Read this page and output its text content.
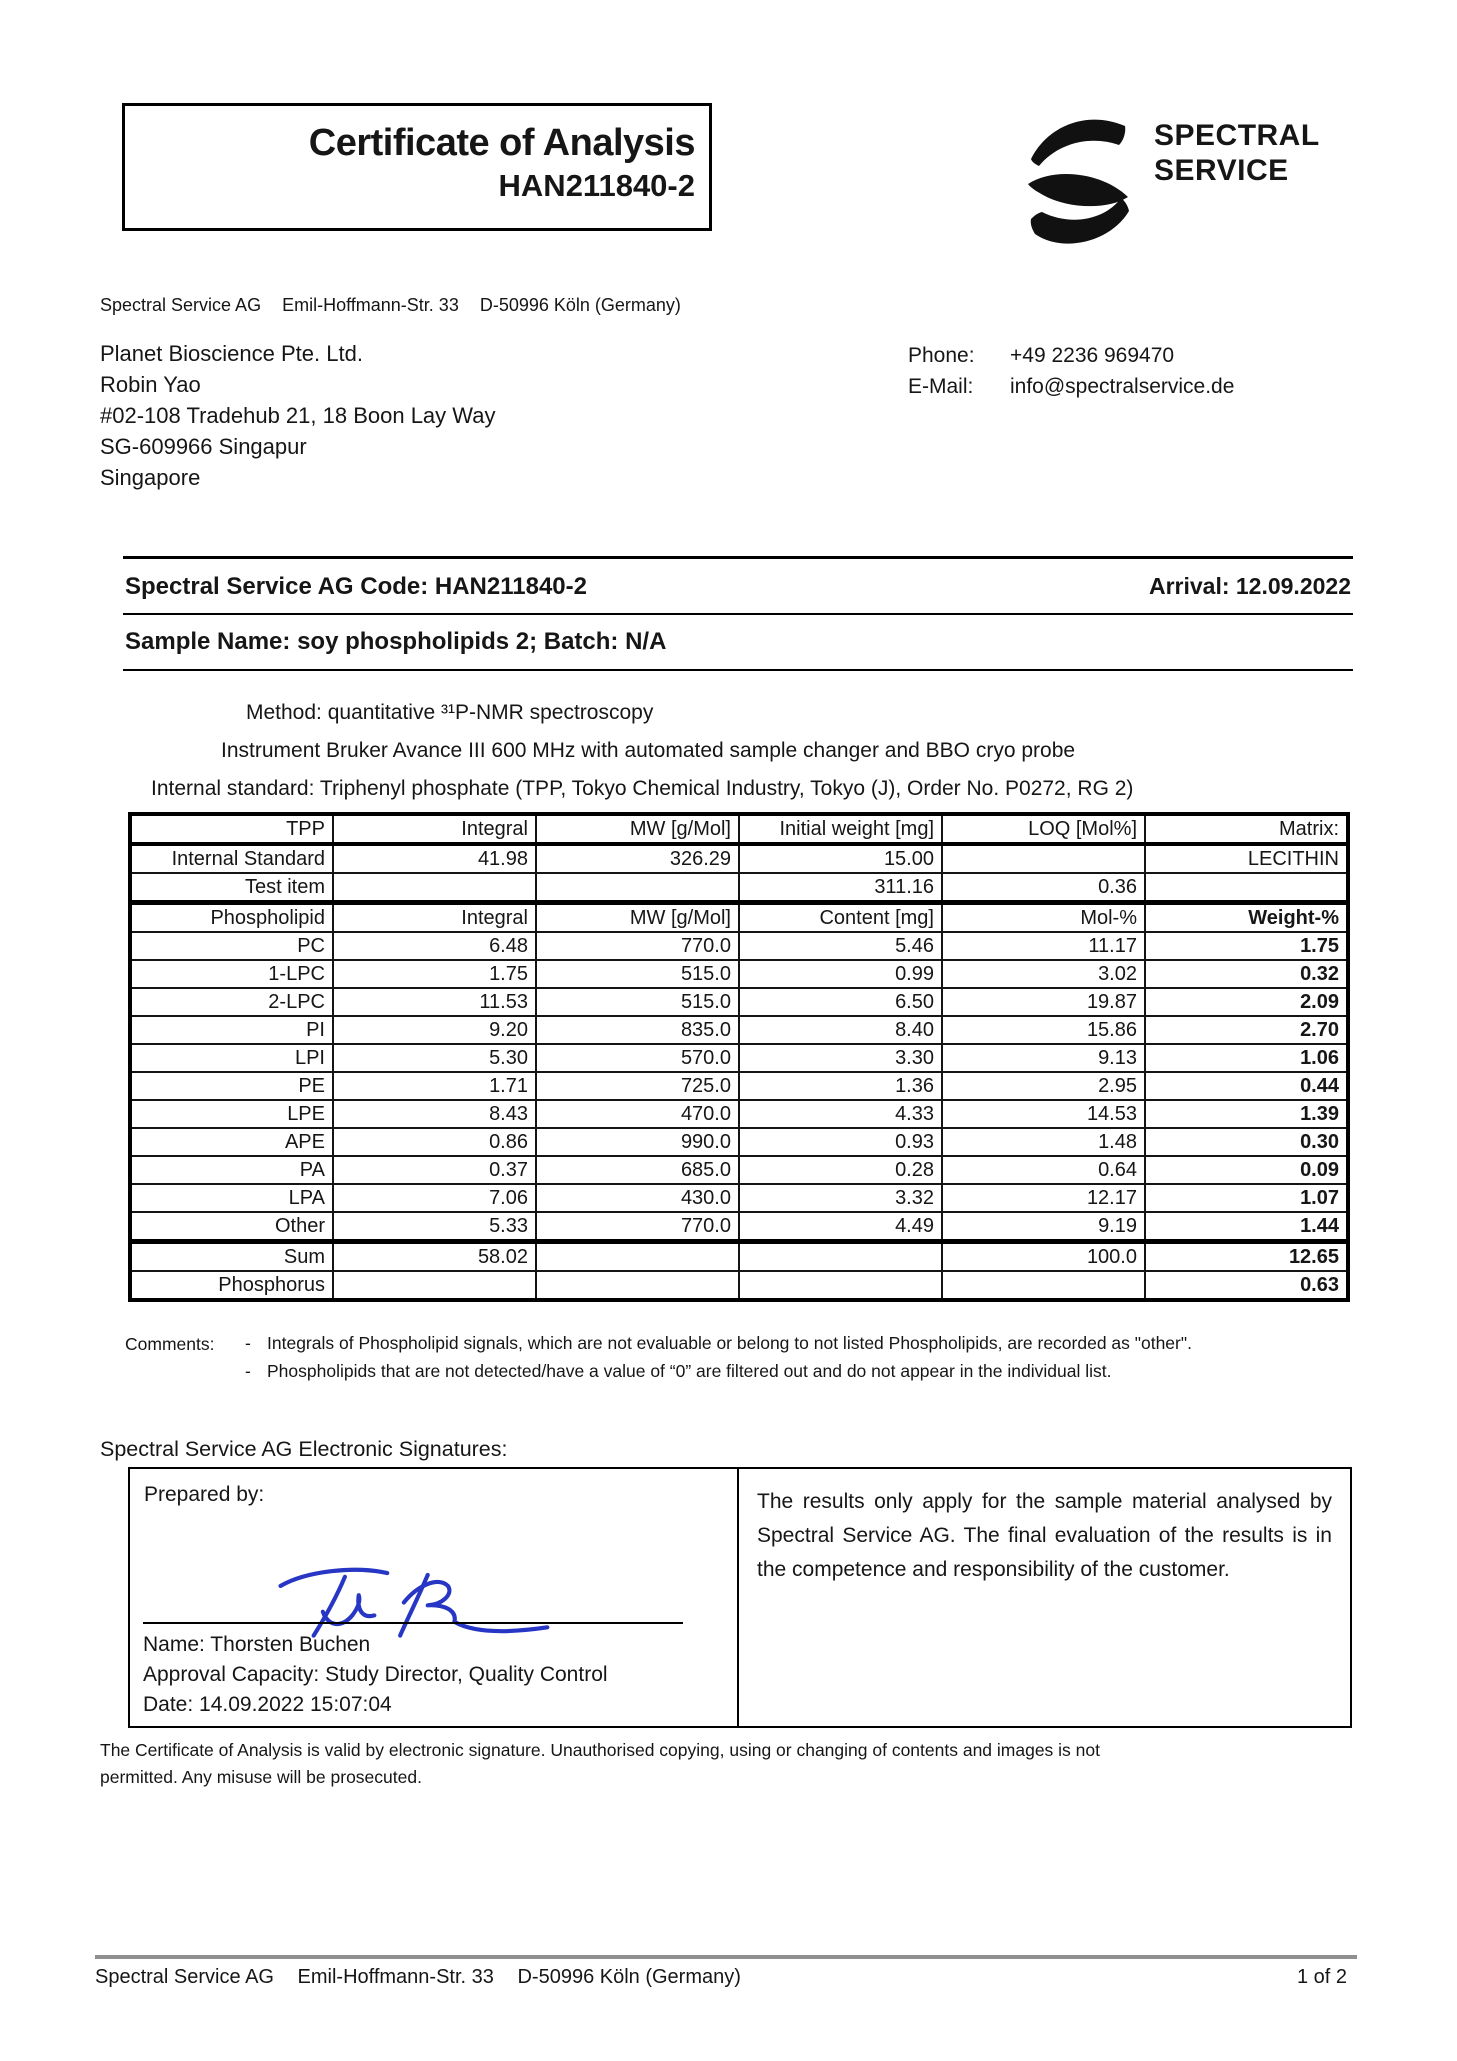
Certificate of Analysis
HAN211840-2
SPECTRAL
SERVICE
Spectral Service AG Emil-Hoffmann-Str. 33 D-50996 Köln (Germany)
Planet Bioscience Pte. Ltd.
Robin Yao
#02-108 Tradehub 21, 18 Boon Lay Way
SG-609966 Singapur
Singapore
Phone:	+49 2236 969470
E-Mail:	info@spectralservice.de
Spectral Service AG Code: HAN211840-2	Arrival: 12.09.2022
Sample Name: soy phospholipids 2; Batch: N/A
Method: quantitative ³¹P-NMR spectroscopy
Instrument Bruker Avance III 600 MHz with automated sample changer and BBO cryo probe
Internal standard: Triphenyl phosphate (TPP, Tokyo Chemical Industry, Tokyo (J), Order No. P0272, RG 2)
TPP	Integral	MW [g/Mol]	Initial weight [mg]	LOQ [Mol%]	Matrix:
Internal Standard	41.98	326.29	15.00		LECITHIN
Test item			311.16	0.36	
Phospholipid	Integral	MW [g/Mol]	Content [mg]	Mol-%	Weight-%
PC	6.48	770.0	5.46	11.17	1.75
1-LPC	1.75	515.0	0.99	3.02	0.32
2-LPC	11.53	515.0	6.50	19.87	2.09
PI	9.20	835.0	8.40	15.86	2.70
LPI	5.30	570.0	3.30	9.13	1.06
PE	1.71	725.0	1.36	2.95	0.44
LPE	8.43	470.0	4.33	14.53	1.39
APE	0.86	990.0	0.93	1.48	0.30
PA	0.37	685.0	0.28	0.64	0.09
LPA	7.06	430.0	3.32	12.17	1.07
Other	5.33	770.0	4.49	9.19	1.44
Sum	58.02			100.0	12.65
Phosphorus					0.63
Comments:	- Integrals of Phospholipid signals, which are not evaluable or belong to not listed Phospholipids, are recorded as "other".
- Phospholipids that are not detected/have a value of “0” are filtered out and do not appear in the individual list.
Spectral Service AG Electronic Signatures:
Prepared by:
Name: Thorsten Buchen
Approval Capacity: Study Director, Quality Control
Date: 14.09.2022 15:07:04
The results only apply for the sample material analysed by Spectral Service AG. The final evaluation of the results is in the competence and responsibility of the customer.
The Certificate of Analysis is valid by electronic signature. Unauthorised copying, using or changing of contents and images is not
permitted. Any misuse will be prosecuted.
Spectral Service AG Emil-Hoffmann-Str. 33 D-50996 Köln (Germany)	1 of 2
